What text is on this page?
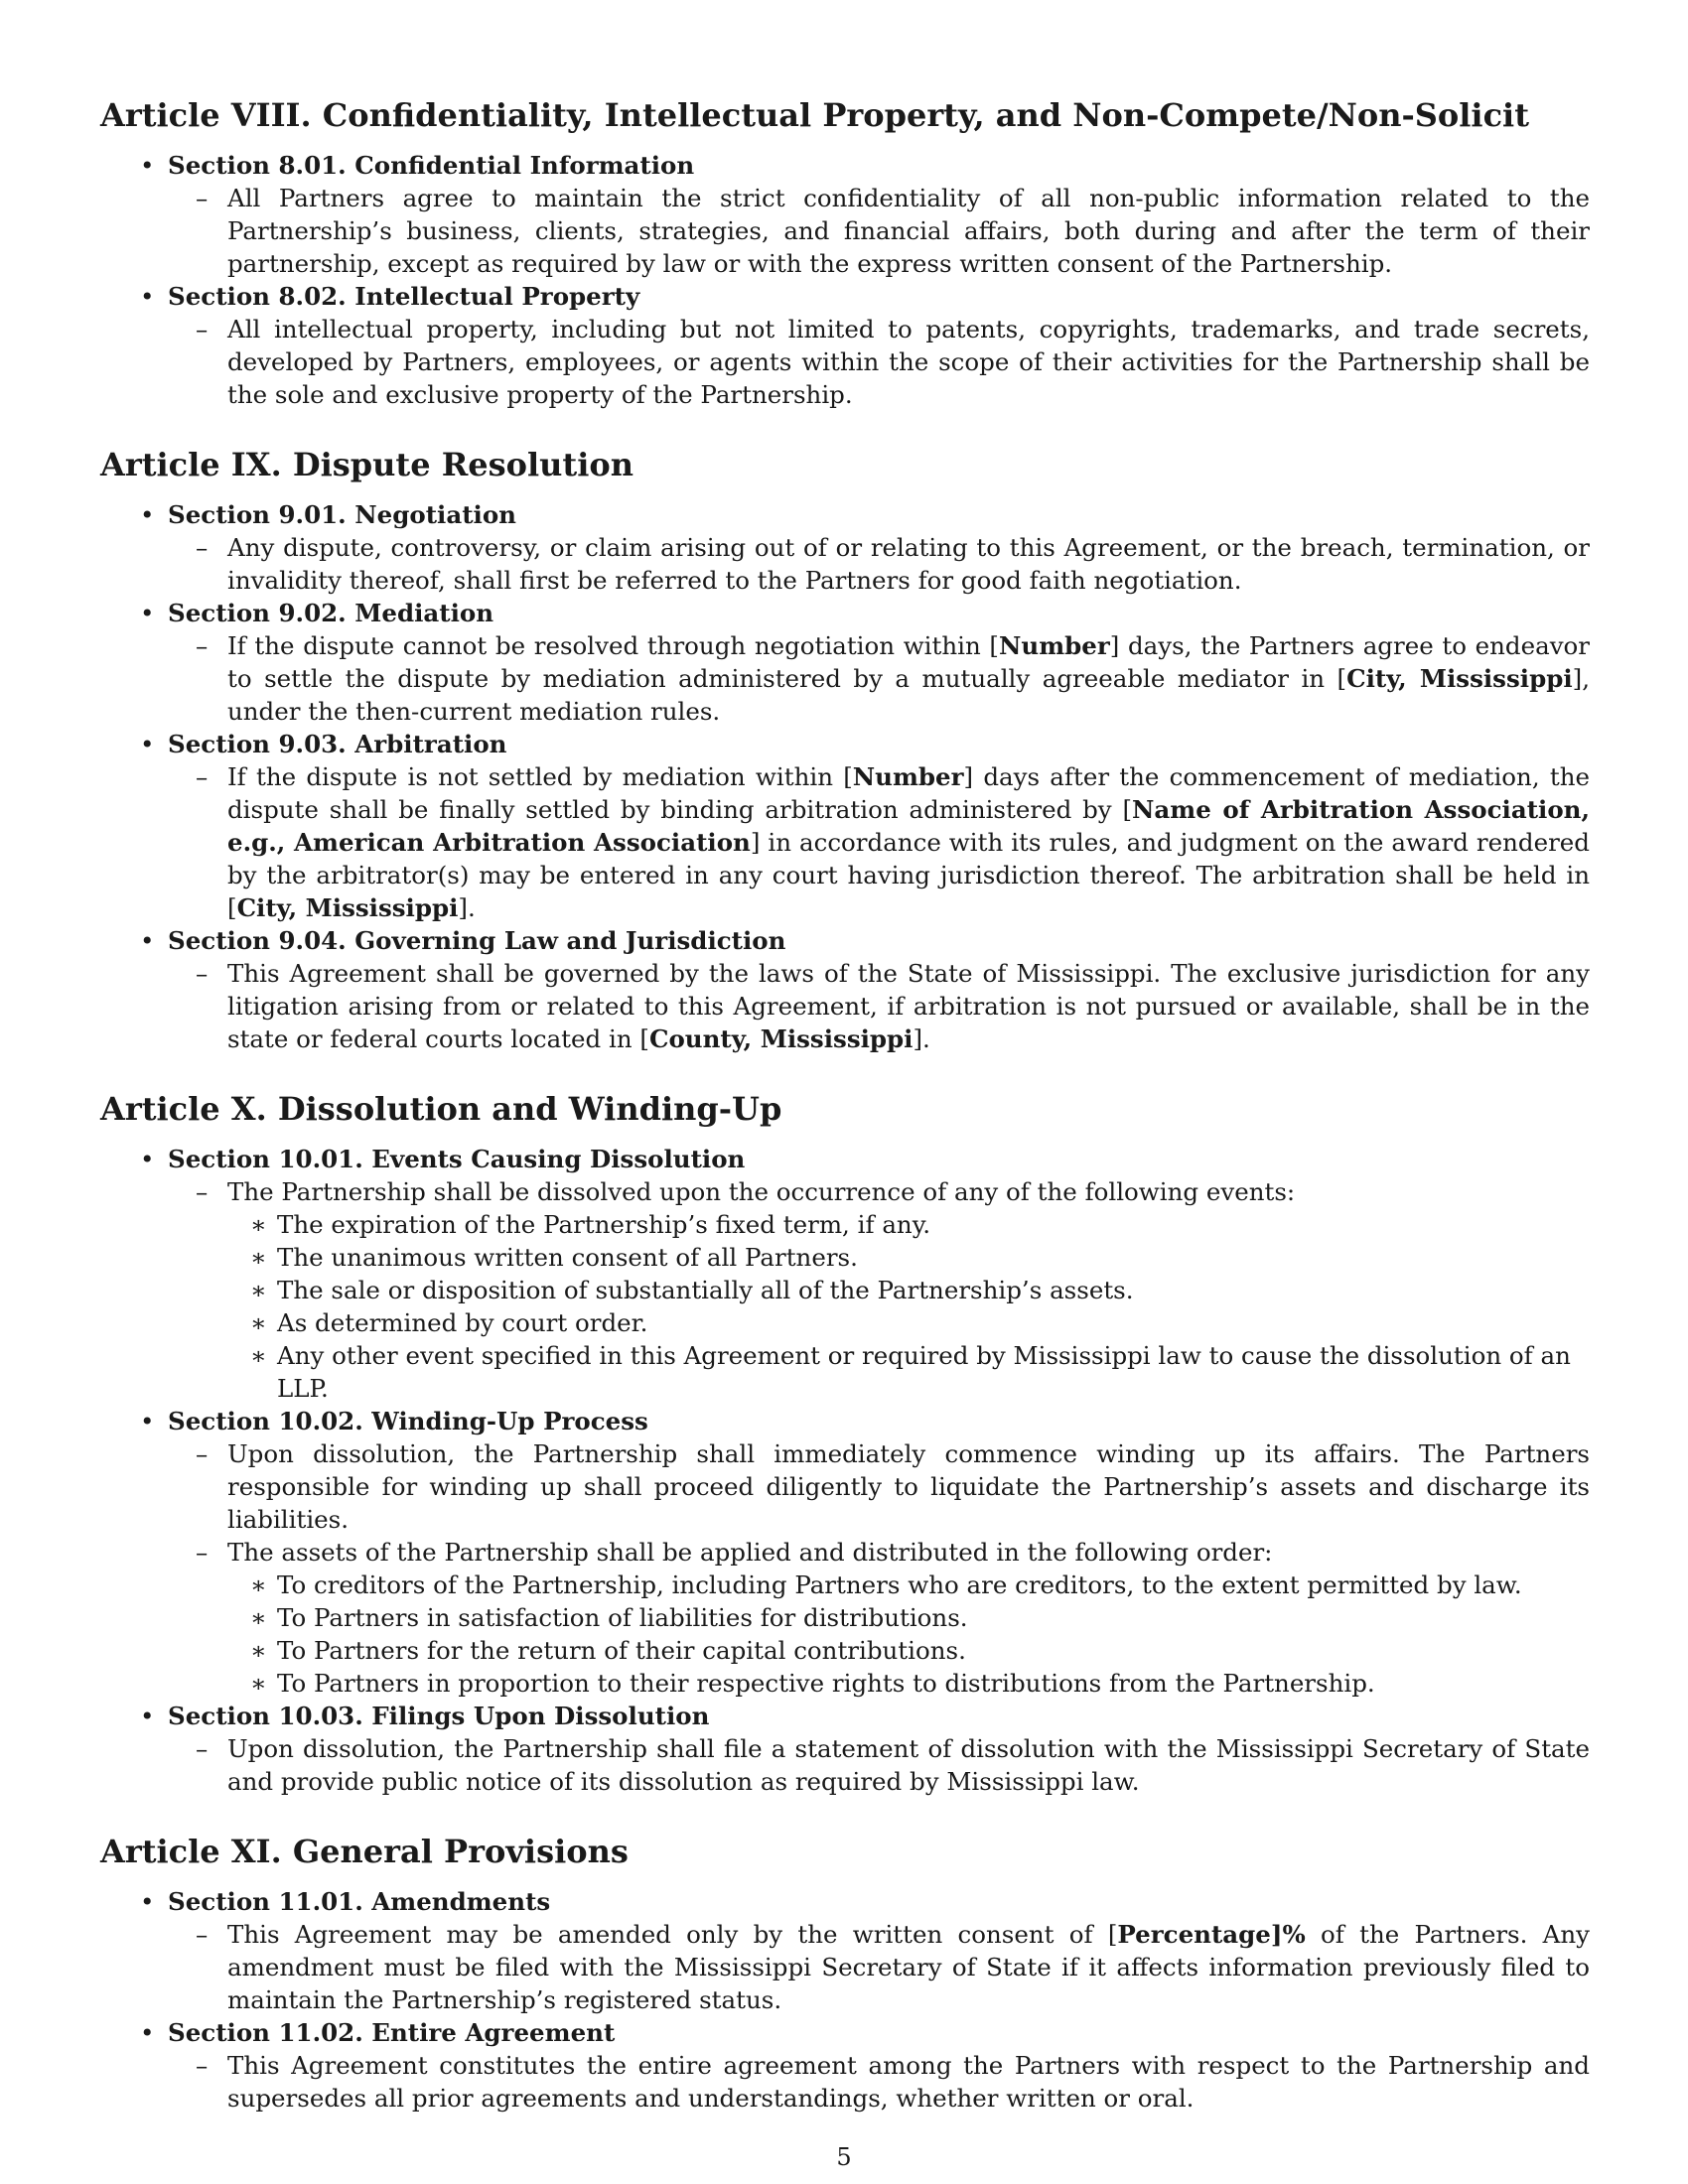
Article VIII. Confidentiality, Intellectual Property, and Non-Compete/Non-Solicit
• Section 8.01. Confidential Information
– All Partners agree to maintain the strict confidentiality of all non-public information related to the Partnership’s business, clients, strategies, and financial affairs, both during and after the term of their partnership, except as required by law or with the express written consent of the Partnership.
• Section 8.02. Intellectual Property
– All intellectual property, including but not limited to patents, copyrights, trademarks, and trade secrets, developed by Partners, employees, or agents within the scope of their activities for the Partnership shall be the sole and exclusive property of the Partnership.
Article IX. Dispute Resolution
• Section 9.01. Negotiation
– Any dispute, controversy, or claim arising out of or relating to this Agreement, or the breach, termination, or invalidity thereof, shall first be referred to the Partners for good faith negotiation.
• Section 9.02. Mediation
– If the dispute cannot be resolved through negotiation within [Number] days, the Partners agree to endeavor to settle the dispute by mediation administered by a mutually agreeable mediator in [City, Mississippi], under the then-current mediation rules.
• Section 9.03. Arbitration
– If the dispute is not settled by mediation within [Number] days after the commencement of mediation, the dispute shall be finally settled by binding arbitration administered by [Name of Arbitration Association, e.g., American Arbitration Association] in accordance with its rules, and judgment on the award rendered by the arbitrator(s) may be entered in any court having jurisdiction thereof. The arbitration shall be held in [City, Mississippi].
• Section 9.04. Governing Law and Jurisdiction
– This Agreement shall be governed by the laws of the State of Mississippi. The exclusive jurisdiction for any litigation arising from or related to this Agreement, if arbitration is not pursued or available, shall be in the state or federal courts located in [County, Mississippi].
Article X. Dissolution and Winding-Up
• Section 10.01. Events Causing Dissolution
– The Partnership shall be dissolved upon the occurrence of any of the following events:
∗ The expiration of the Partnership’s fixed term, if any.
∗ The unanimous written consent of all Partners.
∗ The sale or disposition of substantially all of the Partnership’s assets.
∗ As determined by court order.
∗ Any other event specified in this Agreement or required by Mississippi law to cause the dissolution of an LLP.
• Section 10.02. Winding-Up Process
– Upon dissolution, the Partnership shall immediately commence winding up its affairs. The Partners responsible for winding up shall proceed diligently to liquidate the Partnership’s assets and discharge its liabilities.
– The assets of the Partnership shall be applied and distributed in the following order:
∗ To creditors of the Partnership, including Partners who are creditors, to the extent permitted by law.
∗ To Partners in satisfaction of liabilities for distributions.
∗ To Partners for the return of their capital contributions.
∗ To Partners in proportion to their respective rights to distributions from the Partnership.
• Section 10.03. Filings Upon Dissolution
– Upon dissolution, the Partnership shall file a statement of dissolution with the Mississippi Secretary of State and provide public notice of its dissolution as required by Mississippi law.
Article XI. General Provisions
• Section 11.01. Amendments
– This Agreement may be amended only by the written consent of [Percentage]% of the Partners. Any amendment must be filed with the Mississippi Secretary of State if it affects information previously filed to maintain the Partnership’s registered status.
• Section 11.02. Entire Agreement
– This Agreement constitutes the entire agreement among the Partners with respect to the Partnership and supersedes all prior agreements and understandings, whether written or oral.
5
